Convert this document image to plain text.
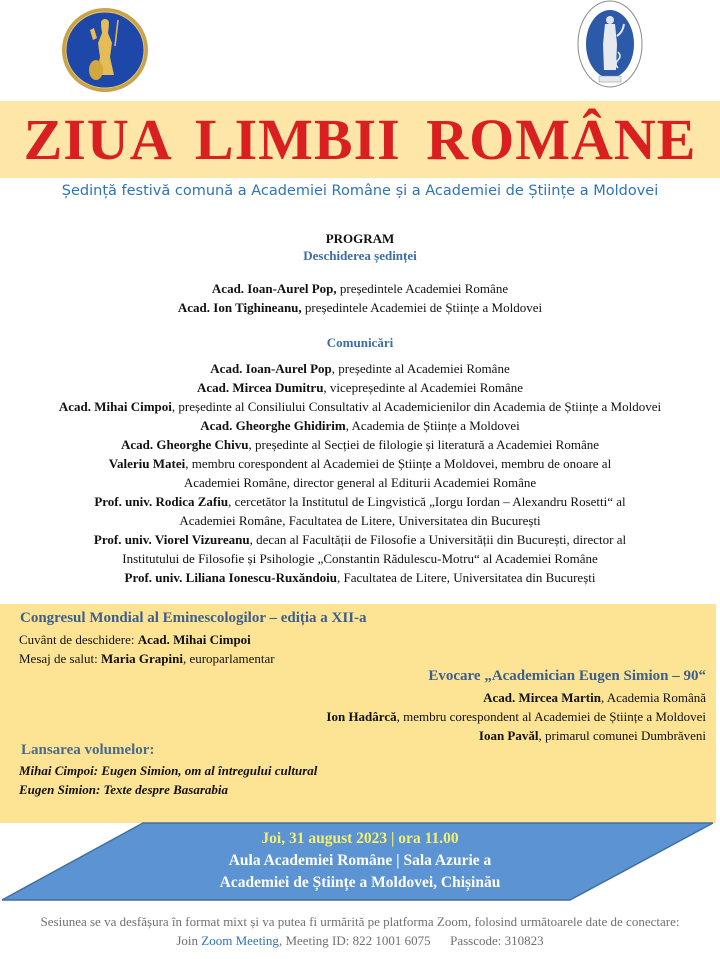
ZIUA LIMBII ROMÂNE
Ședință festivă comună a Academiei Române și a Academiei de Științe a Moldovei
PROGRAM
Deschiderea ședinței
Acad. Ioan-Aurel Pop, președintele Academiei Române
Acad. Ion Tighineanu, președintele Academiei de Științe a Moldovei
Comunicări
Acad. Ioan-Aurel Pop, președinte al Academiei Române
Acad. Mircea Dumitru, vicepreședinte al Academiei Române
Acad. Mihai Cimpoi, președinte al Consiliului Consultativ al Academicienilor din Academia de Științe a Moldovei
Acad. Gheorghe Ghidirim, Academia de Științe a Moldovei
Acad. Gheorghe Chivu, președinte al Secției de filologie și literatură a Academiei Române
Valeriu Matei, membru corespondent al Academiei de Științe a Moldovei, membru de onoare al
Academiei Române, director general al Editurii Academiei Române
Prof. univ. Rodica Zafiu, cercetător la Institutul de Lingvistică „Iorgu Iordan – Alexandru Rosetti“ al
Academiei Române, Facultatea de Litere, Universitatea din București
Prof. univ. Viorel Vizureanu, decan al Facultății de Filosofie a Universității din București, director al
Institutului de Filosofie și Psihologie „Constantin Rădulescu-Motru“ al Academiei Române
Prof. univ. Liliana Ionescu-Ruxăndoiu, Facultatea de Litere, Universitatea din București
Congresul Mondial al Eminescologilor – ediția a XII-a
Cuvânt de deschidere: Acad. Mihai Cimpoi
Mesaj de salut: Maria Grapini, europarlamentar
Evocare „Academician Eugen Simion – 90“
Acad. Mircea Martin, Academia Română
Ion Hadârcă, membru corespondent al Academiei de Științe a Moldovei
Ioan Pavăl, primarul comunei Dumbrăveni
Lansarea volumelor:
Mihai Cimpoi: Eugen Simion, om al întregului cultural
Eugen Simion: Texte despre Basarabia
Joi, 31 august 2023 | ora 11.00
Aula Academiei Române | Sala Azurie a
Academiei de Științe a Moldovei, Chișinău
Sesiunea se va desfășura în format mixt și va putea fi urmărită pe platforma Zoom, folosind următoarele date de conectare:
Join Zoom Meeting, Meeting ID: 822 1001 6075      Passcode: 310823
